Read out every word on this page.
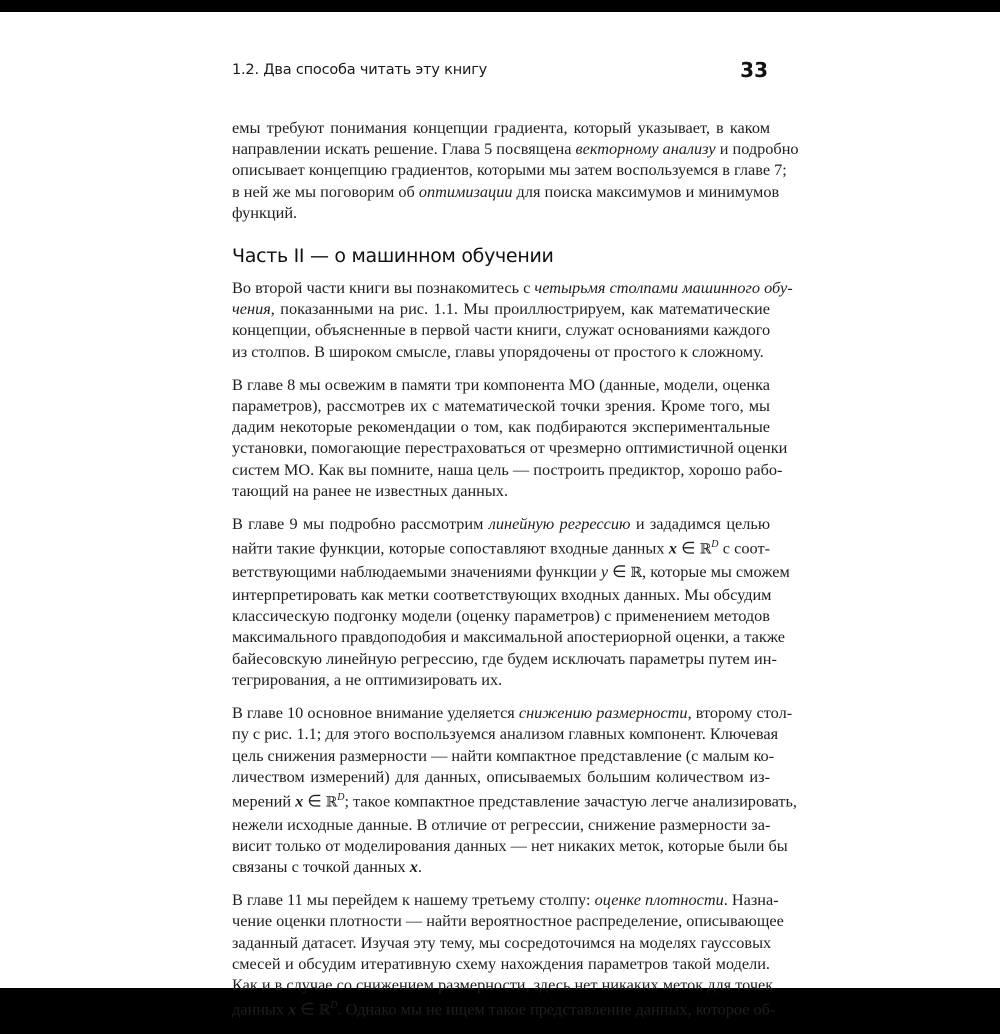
1.2. Два способа читать эту книгу	33
емы требуют понимания концепции градиента, который указывает, в каком
направлении искать решение. Глава 5 посвящена векторному анализу и подробно
описывает концепцию градиентов, которыми мы затем воспользуемся в главе 7;
в ней же мы поговорим об оптимизации для поиска максимумов и минимумов
функций.
Часть II — о машинном обучении
Во второй части книги вы познакомитесь с четырьмя столпами машинного обу-
чения, показанными на рис. 1.1. Мы проиллюстрируем, как математические
концепции, объясненные в первой части книги, служат основаниями каждого
из столпов. В широком смысле, главы упорядочены от простого к сложному.
В главе 8 мы освежим в памяти три компонента МО (данные, модели, оценка
параметров), рассмотрев их с математической точки зрения. Кроме того, мы
дадим некоторые рекомендации о том, как подбираются экспериментальные
установки, помогающие перестраховаться от чрезмерно оптимистичной оценки
систем МО. Как вы помните, наша цель — построить предиктор, хорошо рабо-
тающий на ранее не известных данных.
В главе 9 мы подробно рассмотрим линейную регрессию и зададимся целью
найти такие функции, которые сопоставляют входные данных x ∈ ℝ$^D$ с соот-
ветствующими наблюдаемыми значениями функции y ∈ ℝ, которые мы сможем
интерпретировать как метки соответствующих входных данных. Мы обсудим
классическую подгонку модели (оценку параметров) с применением методов
максимального правдоподобия и максимальной апостериорной оценки, а также
байесовскую линейную регрессию, где будем исключать параметры путем ин-
тегрирования, а не оптимизировать их.
В главе 10 основное внимание уделяется снижению размерности, второму стол-
пу с рис. 1.1; для этого воспользуемся анализом главных компонент. Ключевая
цель снижения размерности — найти компактное представление (с малым ко-
личеством измерений) для данных, описываемых большим количеством из-
мерений x ∈ ℝ$^D$; такое компактное представление зачастую легче анализировать,
нежели исходные данные. В отличие от регрессии, снижение размерности за-
висит только от моделирования данных — нет никаких меток, которые были бы
связаны с точкой данных x.
В главе 11 мы перейдем к нашему третьему столпу: оценке плотности. Назна-
чение оценки плотности — найти вероятностное распределение, описывающее
заданный датасет. Изучая эту тему, мы сосредоточимся на моделях гауссовых
смесей и обсудим итеративную схему нахождения параметров такой модели.
Как и в случае со снижением размерности, здесь нет никаких меток для точек
данных x ∈ ℝ$^D$. Однако мы не ищем такое представление данных, которое об-
